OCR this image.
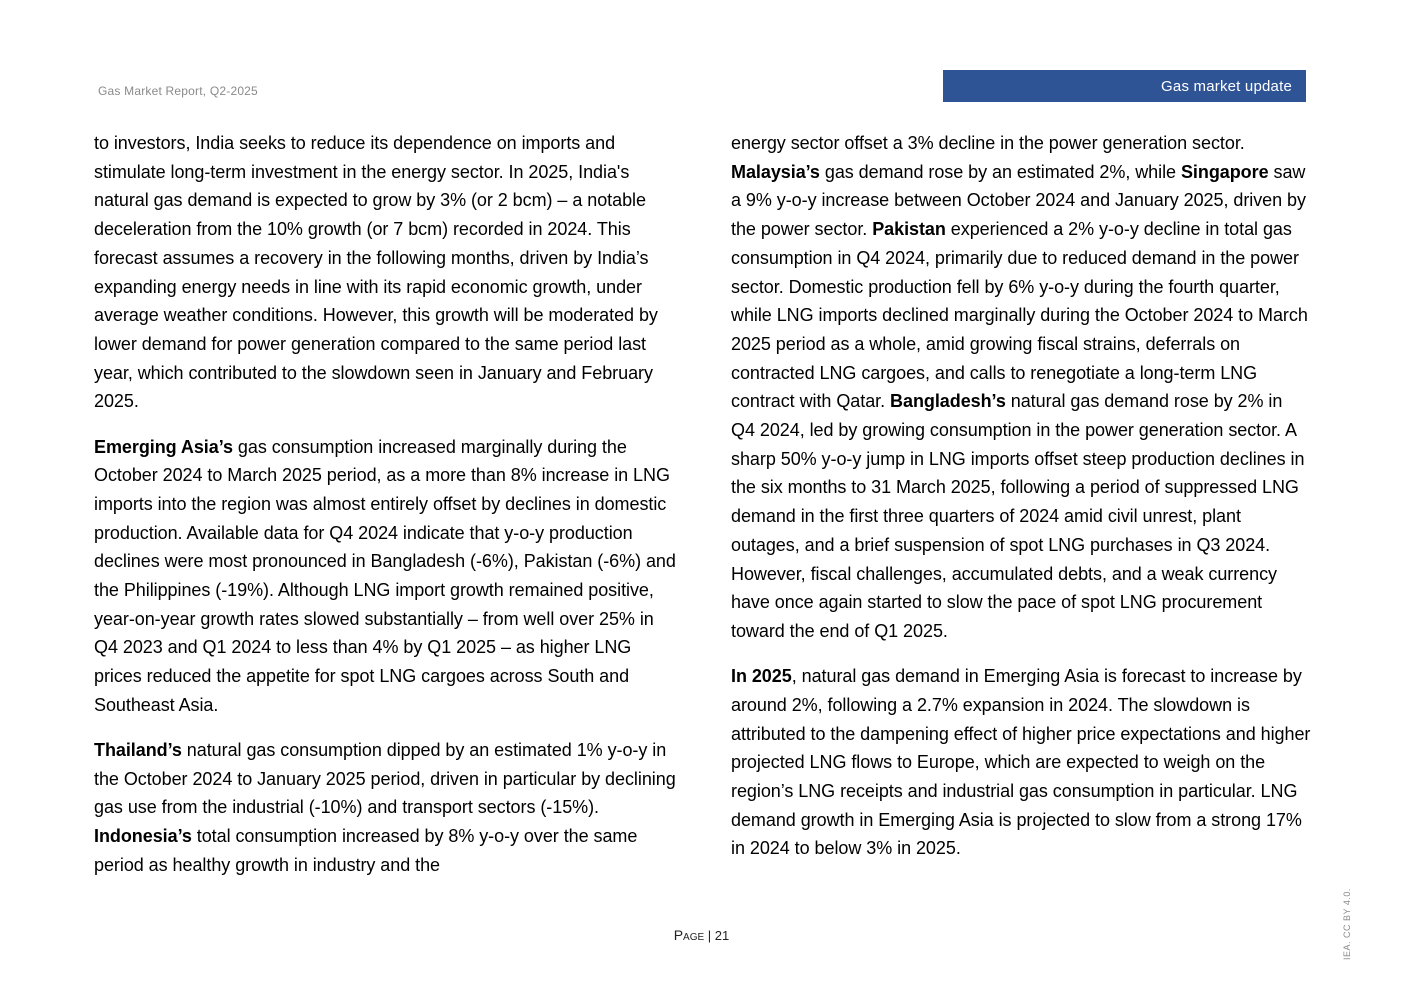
Gas Market Report, Q2-2025	Gas market update

to investors, India seeks to reduce its dependence on imports and stimulate long-term investment in the energy sector. In 2025, India's natural gas demand is expected to grow by 3% (or 2 bcm) – a notable deceleration from the 10% growth (or 7 bcm) recorded in 2024. This forecast assumes a recovery in the following months, driven by India’s expanding energy needs in line with its rapid economic growth, under average weather conditions. However, this growth will be moderated by lower demand for power generation compared to the same period last year, which contributed to the slowdown seen in January and February 2025.

Emerging Asia’s gas consumption increased marginally during the October 2024 to March 2025 period, as a more than 8% increase in LNG imports into the region was almost entirely offset by declines in domestic production. Available data for Q4 2024 indicate that y-o-y production declines were most pronounced in Bangladesh (-6%), Pakistan (-6%) and the Philippines (-19%). Although LNG import growth remained positive, year-on-year growth rates slowed substantially – from well over 25% in Q4 2023 and Q1 2024 to less than 4% by Q1 2025 – as higher LNG prices reduced the appetite for spot LNG cargoes across South and Southeast Asia.

Thailand’s natural gas consumption dipped by an estimated 1% y-o-y in the October 2024 to January 2025 period, driven in particular by declining gas use from the industrial (-10%) and transport sectors (-15%). Indonesia’s total consumption increased by 8% y-o-y over the same period as healthy growth in industry and the

energy sector offset a 3% decline in the power generation sector. Malaysia’s gas demand rose by an estimated 2%, while Singapore saw a 9% y-o-y increase between October 2024 and January 2025, driven by the power sector. Pakistan experienced a 2% y-o-y decline in total gas consumption in Q4 2024, primarily due to reduced demand in the power sector. Domestic production fell by 6% y-o-y during the fourth quarter, while LNG imports declined marginally during the October 2024 to March 2025 period as a whole, amid growing fiscal strains, deferrals on contracted LNG cargoes, and calls to renegotiate a long-term LNG contract with Qatar. Bangladesh’s natural gas demand rose by 2% in Q4 2024, led by growing consumption in the power generation sector. A sharp 50% y-o-y jump in LNG imports offset steep production declines in the six months to 31 March 2025, following a period of suppressed LNG demand in the first three quarters of 2024 amid civil unrest, plant outages, and a brief suspension of spot LNG purchases in Q3 2024. However, fiscal challenges, accumulated debts, and a weak currency have once again started to slow the pace of spot LNG procurement toward the end of Q1 2025.

In 2025, natural gas demand in Emerging Asia is forecast to increase by around 2%, following a 2.7% expansion in 2024. The slowdown is attributed to the dampening effect of higher price expectations and higher projected LNG flows to Europe, which are expected to weigh on the region’s LNG receipts and industrial gas consumption in particular. LNG demand growth in Emerging Asia is projected to slow from a strong 17% in 2024 to below 3% in 2025.

Page | 21	IEA. CC BY 4.0.
